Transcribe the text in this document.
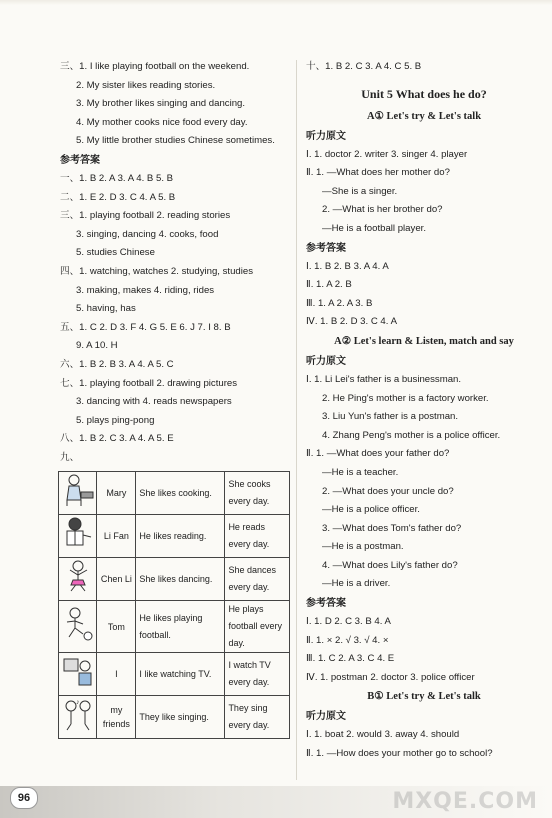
三、1. I like playing football on the weekend.
2. My sister likes reading stories.
3. My brother likes singing and dancing.
4. My mother cooks nice food every day.
5. My little brother studies Chinese sometimes.
参考答案
一、1. B 2. A 3. A 4. B 5. B
二、1. E 2. D 3. C 4. A 5. B
三、1. playing football 2. reading stories
3. singing, dancing 4. cooks, food
5. studies Chinese
四、1. watching, watches 2. studying, studies
3. making, makes 4. riding, rides
5. having, has
五、1. C 2. D 3. F 4. G 5. E 6. J 7. I 8. B
9. A 10. H
六、1. B 2. B 3. A 4. A 5. C
七、1. playing football 2. drawing pictures
3. dancing with 4. reads newspapers
5. plays ping-pong
八、1. B 2. C 3. A 4. A 5. E
九、
	Mary	She likes cooking.	She cooks every day.
	Li Fan	He likes reading.	He reads every day.
	Chen Li	She likes dancing.	She dances every day.
	Tom	He likes playing football.	He plays football every day.
	I	I like watching TV.	I watch TV every day.

♪	my friends	They like singing.	They sing every day.
十、1. B 2. C 3. A 4. C 5. B
Unit 5 What does he do?
A① Let's try & Let's talk
听力原文
Ⅰ. 1. doctor 2. writer 3. singer 4. player
Ⅱ. 1. —What does her mother do?
—She is a singer.
2. —What is her brother do?
—He is a football player.
参考答案
Ⅰ. 1. B 2. B 3. A 4. A
Ⅱ. 1. A 2. B
Ⅲ. 1. A 2. A 3. B
Ⅳ. 1. B 2. D 3. C 4. A
A② Let's learn & Listen, match and say
听力原文
Ⅰ. 1. Li Lei's father is a businessman.
2. He Ping's mother is a factory worker.
3. Liu Yun's father is a postman.
4. Zhang Peng's mother is a police officer.
Ⅱ. 1. —What does your father do?
—He is a teacher.
2. —What does your uncle do?
—He is a police officer.
3. —What does Tom's father do?
—He is a postman.
4. —What does Lily's father do?
—He is a driver.
参考答案
Ⅰ. 1. D 2. C 3. B 4. A
Ⅱ. 1. × 2. √ 3. √ 4. ×
Ⅲ. 1. C 2. A 3. C 4. E
Ⅳ. 1. postman 2. doctor 3. police officer
B① Let's try & Let's talk
听力原文
Ⅰ. 1. boat 2. would 3. away 4. should
Ⅱ. 1. —How does your mother go to school?
96	MXQE.COM
